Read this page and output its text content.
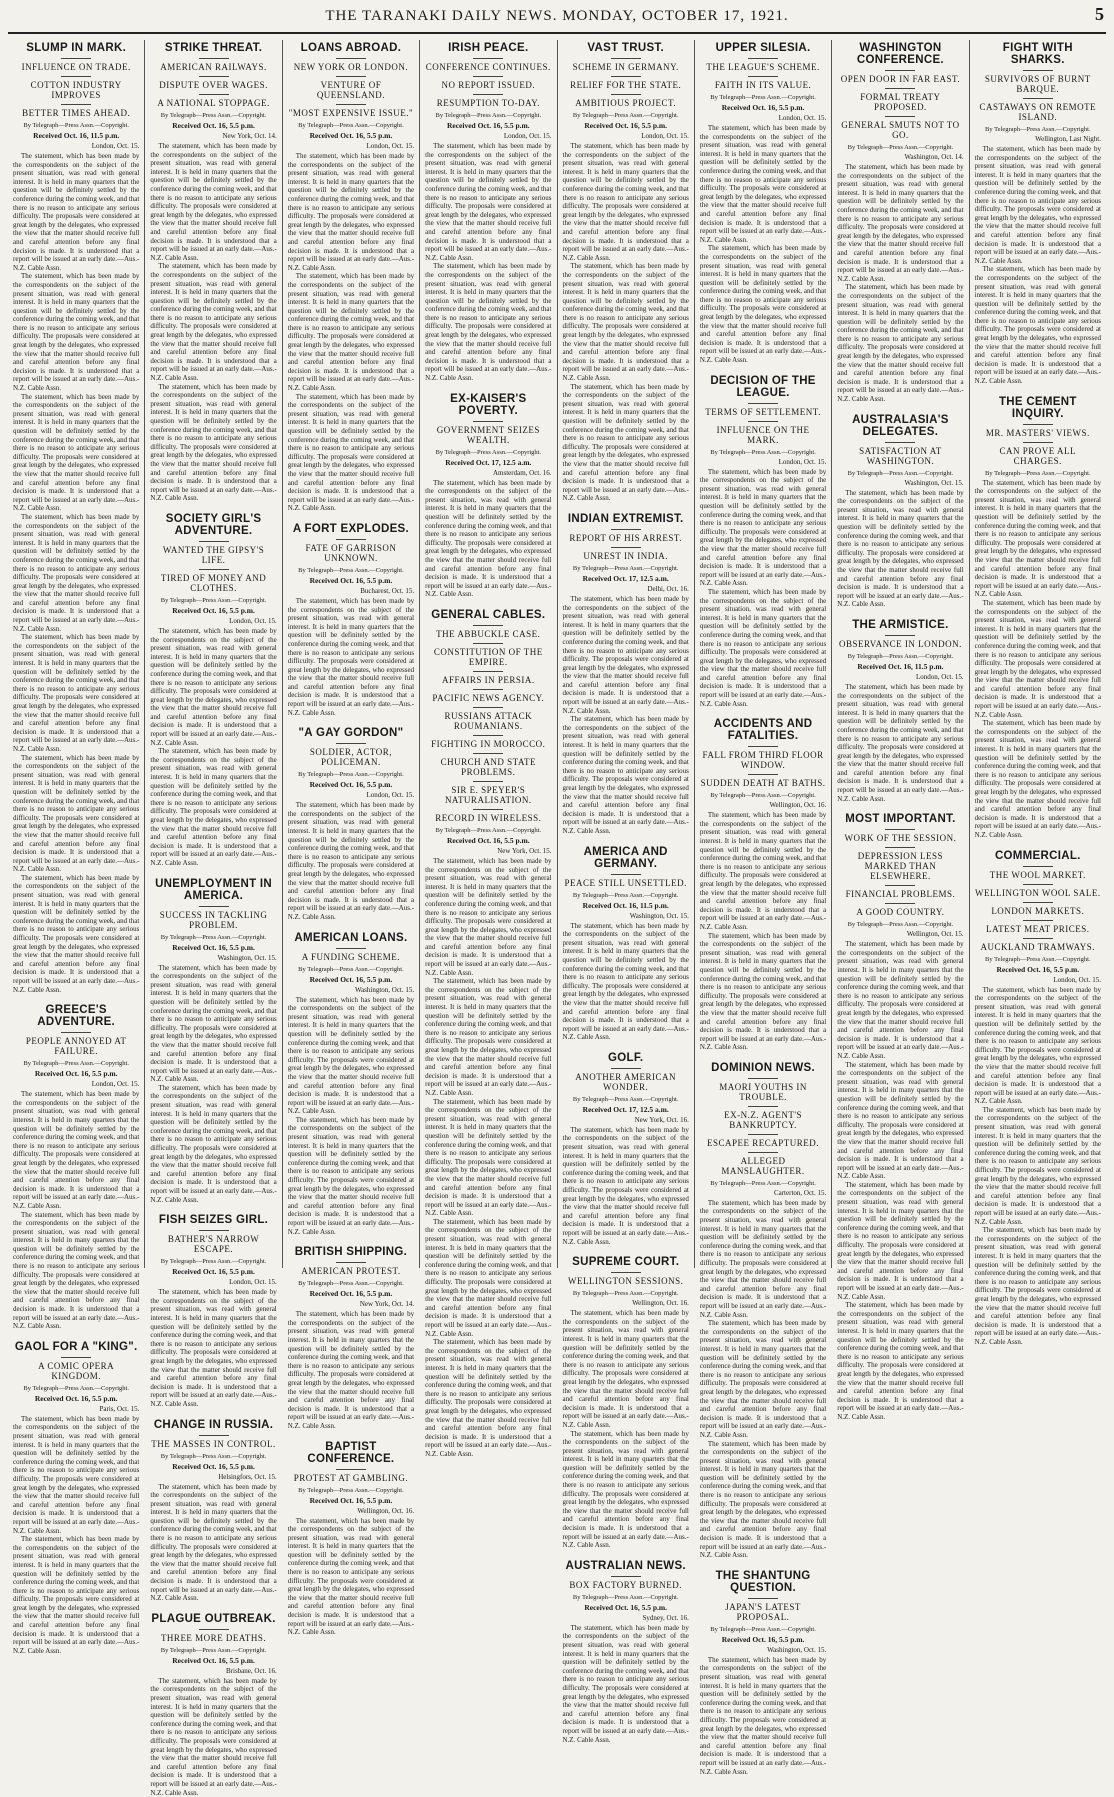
THE TARANAKI DAILY NEWS. MONDAY, OCTOBER 17, 1921.	5
SLUMP IN MARK.
INFLUENCE ON TRADE.
COTTON INDUSTRY IMPROVES
BETTER TIMES AHEAD.
By Telegraph—Press Assn.—Copyright.
Received Oct. 16, 11.5 p.m.
London, Oct. 15.

The statement, which has been made by the correspondents on the subject of the present situation, was read with general interest. It is held in many quarters that the question will be definitely settled by the conference during the coming week, and that there is no reason to anticipate any serious difficulty. The proposals were considered at great length by the delegates, who expressed the view that the matter should receive full and careful attention before any final decision is made. It is understood that a report will be issued at an early date.—Aus.-N.Z. Cable Assn.

The statement, which has been made by the correspondents on the subject of the present situation, was read with general interest. It is held in many quarters that the question will be definitely settled by the conference during the coming week, and that there is no reason to anticipate any serious difficulty. The proposals were considered at great length by the delegates, who expressed the view that the matter should receive full and careful attention before any final decision is made. It is understood that a report will be issued at an early date.—Aus.-N.Z. Cable Assn.

The statement, which has been made by the correspondents on the subject of the present situation, was read with general interest. It is held in many quarters that the question will be definitely settled by the conference during the coming week, and that there is no reason to anticipate any serious difficulty. The proposals were considered at great length by the delegates, who expressed the view that the matter should receive full and careful attention before any final decision is made. It is understood that a report will be issued at an early date.—Aus.-N.Z. Cable Assn.

The statement, which has been made by the correspondents on the subject of the present situation, was read with general interest. It is held in many quarters that the question will be definitely settled by the conference during the coming week, and that there is no reason to anticipate any serious difficulty. The proposals were considered at great length by the delegates, who expressed the view that the matter should receive full and careful attention before any final decision is made. It is understood that a report will be issued at an early date.—Aus.-N.Z. Cable Assn.

The statement, which has been made by the correspondents on the subject of the present situation, was read with general interest. It is held in many quarters that the question will be definitely settled by the conference during the coming week, and that there is no reason to anticipate any serious difficulty. The proposals were considered at great length by the delegates, who expressed the view that the matter should receive full and careful attention before any final decision is made. It is understood that a report will be issued at an early date.—Aus.-N.Z. Cable Assn.

The statement, which has been made by the correspondents on the subject of the present situation, was read with general interest. It is held in many quarters that the question will be definitely settled by the conference during the coming week, and that there is no reason to anticipate any serious difficulty. The proposals were considered at great length by the delegates, who expressed the view that the matter should receive full and careful attention before any final decision is made. It is understood that a report will be issued at an early date.—Aus.-N.Z. Cable Assn.

The statement, which has been made by the correspondents on the subject of the present situation, was read with general interest. It is held in many quarters that the question will be definitely settled by the conference during the coming week, and that there is no reason to anticipate any serious difficulty. The proposals were considered at great length by the delegates, who expressed the view that the matter should receive full and careful attention before any final decision is made. It is understood that a report will be issued at an early date.—Aus.-N.Z. Cable Assn.

GREECE'S ADVENTURE.
PEOPLE ANNOYED AT FAILURE.
By Telegraph—Press Assn.—Copyright.
Received Oct. 16, 5.5 p.m.
London, Oct. 15.

The statement, which has been made by the correspondents on the subject of the present situation, was read with general interest. It is held in many quarters that the question will be definitely settled by the conference during the coming week, and that there is no reason to anticipate any serious difficulty. The proposals were considered at great length by the delegates, who expressed the view that the matter should receive full and careful attention before any final decision is made. It is understood that a report will be issued at an early date.—Aus.-N.Z. Cable Assn.

The statement, which has been made by the correspondents on the subject of the present situation, was read with general interest. It is held in many quarters that the question will be definitely settled by the conference during the coming week, and that there is no reason to anticipate any serious difficulty. The proposals were considered at great length by the delegates, who expressed the view that the matter should receive full and careful attention before any final decision is made. It is understood that a report will be issued at an early date.—Aus.-N.Z. Cable Assn.

GAOL FOR A "KING".
A COMIC OPERA KINGDOM.
By Telegraph—Press Assn.—Copyright.
Received Oct. 16, 5.5 p.m.
Paris, Oct. 15.

The statement, which has been made by the correspondents on the subject of the present situation, was read with general interest. It is held in many quarters that the question will be definitely settled by the conference during the coming week, and that there is no reason to anticipate any serious difficulty. The proposals were considered at great length by the delegates, who expressed the view that the matter should receive full and careful attention before any final decision is made. It is understood that a report will be issued at an early date.—Aus.-N.Z. Cable Assn.

The statement, which has been made by the correspondents on the subject of the present situation, was read with general interest. It is held in many quarters that the question will be definitely settled by the conference during the coming week, and that there is no reason to anticipate any serious difficulty. The proposals were considered at great length by the delegates, who expressed the view that the matter should receive full and careful attention before any final decision is made. It is understood that a report will be issued at an early date.—Aus.-N.Z. Cable Assn.

STRIKE THREAT.
AMERICAN RAILWAYS.
DISPUTE OVER WAGES.
A NATIONAL STOPPAGE.
By Telegraph—Press Assn.—Copyright.
Received Oct. 16, 5.5 p.m.
New York, Oct. 14.

The statement, which has been made by the correspondents on the subject of the present situation, was read with general interest. It is held in many quarters that the question will be definitely settled by the conference during the coming week, and that there is no reason to anticipate any serious difficulty. The proposals were considered at great length by the delegates, who expressed the view that the matter should receive full and careful attention before any final decision is made. It is understood that a report will be issued at an early date.—Aus.-N.Z. Cable Assn.

The statement, which has been made by the correspondents on the subject of the present situation, was read with general interest. It is held in many quarters that the question will be definitely settled by the conference during the coming week, and that there is no reason to anticipate any serious difficulty. The proposals were considered at great length by the delegates, who expressed the view that the matter should receive full and careful attention before any final decision is made. It is understood that a report will be issued at an early date.—Aus.-N.Z. Cable Assn.

The statement, which has been made by the correspondents on the subject of the present situation, was read with general interest. It is held in many quarters that the question will be definitely settled by the conference during the coming week, and that there is no reason to anticipate any serious difficulty. The proposals were considered at great length by the delegates, who expressed the view that the matter should receive full and careful attention before any final decision is made. It is understood that a report will be issued at an early date.—Aus.-N.Z. Cable Assn.

SOCIETY GIRL'S ADVENTURE.
WANTED THE GIPSY'S LIFE.
TIRED OF MONEY AND CLOTHES.
By Telegraph—Press Assn.—Copyright.
Received Oct. 16, 5.5 p.m.
London, Oct. 15.

The statement, which has been made by the correspondents on the subject of the present situation, was read with general interest. It is held in many quarters that the question will be definitely settled by the conference during the coming week, and that there is no reason to anticipate any serious difficulty. The proposals were considered at great length by the delegates, who expressed the view that the matter should receive full and careful attention before any final decision is made. It is understood that a report will be issued at an early date.—Aus.-N.Z. Cable Assn.

The statement, which has been made by the correspondents on the subject of the present situation, was read with general interest. It is held in many quarters that the question will be definitely settled by the conference during the coming week, and that there is no reason to anticipate any serious difficulty. The proposals were considered at great length by the delegates, who expressed the view that the matter should receive full and careful attention before any final decision is made. It is understood that a report will be issued at an early date.—Aus.-N.Z. Cable Assn.

UNEMPLOYMENT IN AMERICA.
SUCCESS IN TACKLING PROBLEM.
By Telegraph—Press Assn.—Copyright.
Received Oct. 16, 5.5 p.m.
Washington, Oct. 15.

The statement, which has been made by the correspondents on the subject of the present situation, was read with general interest. It is held in many quarters that the question will be definitely settled by the conference during the coming week, and that there is no reason to anticipate any serious difficulty. The proposals were considered at great length by the delegates, who expressed the view that the matter should receive full and careful attention before any final decision is made. It is understood that a report will be issued at an early date.—Aus.-N.Z. Cable Assn.

The statement, which has been made by the correspondents on the subject of the present situation, was read with general interest. It is held in many quarters that the question will be definitely settled by the conference during the coming week, and that there is no reason to anticipate any serious difficulty. The proposals were considered at great length by the delegates, who expressed the view that the matter should receive full and careful attention before any final decision is made. It is understood that a report will be issued at an early date.—Aus.-N.Z. Cable Assn.

FISH SEIZES GIRL.
BATHER'S NARROW ESCAPE.
By Telegraph—Press Assn.—Copyright.
Received Oct. 16, 5.5 p.m.
London, Oct. 15.

The statement, which has been made by the correspondents on the subject of the present situation, was read with general interest. It is held in many quarters that the question will be definitely settled by the conference during the coming week, and that there is no reason to anticipate any serious difficulty. The proposals were considered at great length by the delegates, who expressed the view that the matter should receive full and careful attention before any final decision is made. It is understood that a report will be issued at an early date.—Aus.-N.Z. Cable Assn.

CHANGE IN RUSSIA.
THE MASSES IN CONTROL.
By Telegraph—Press Assn.—Copyright.
Received Oct. 16, 5.5 p.m.
Helsingfors, Oct. 15.

The statement, which has been made by the correspondents on the subject of the present situation, was read with general interest. It is held in many quarters that the question will be definitely settled by the conference during the coming week, and that there is no reason to anticipate any serious difficulty. The proposals were considered at great length by the delegates, who expressed the view that the matter should receive full and careful attention before any final decision is made. It is understood that a report will be issued at an early date.—Aus.-N.Z. Cable Assn.

PLAGUE OUTBREAK.
THREE MORE DEATHS.
By Telegraph—Press Assn.—Copyright.
Received Oct. 16, 5.5 p.m.
Brisbane, Oct. 16.

The statement, which has been made by the correspondents on the subject of the present situation, was read with general interest. It is held in many quarters that the question will be definitely settled by the conference during the coming week, and that there is no reason to anticipate any serious difficulty. The proposals were considered at great length by the delegates, who expressed the view that the matter should receive full and careful attention before any final decision is made. It is understood that a report will be issued at an early date.—Aus.-N.Z. Cable Assn.

LOANS ABROAD.
NEW YORK OR LONDON.
VENTURE OF QUEENSLAND.
"MOST EXPENSIVE ISSUE."
By Telegraph—Press Assn.—Copyright.
Received Oct. 16, 5.5 p.m.
London, Oct. 15.

The statement, which has been made by the correspondents on the subject of the present situation, was read with general interest. It is held in many quarters that the question will be definitely settled by the conference during the coming week, and that there is no reason to anticipate any serious difficulty. The proposals were considered at great length by the delegates, who expressed the view that the matter should receive full and careful attention before any final decision is made. It is understood that a report will be issued at an early date.—Aus.-N.Z. Cable Assn.

The statement, which has been made by the correspondents on the subject of the present situation, was read with general interest. It is held in many quarters that the question will be definitely settled by the conference during the coming week, and that there is no reason to anticipate any serious difficulty. The proposals were considered at great length by the delegates, who expressed the view that the matter should receive full and careful attention before any final decision is made. It is understood that a report will be issued at an early date.—Aus.-N.Z. Cable Assn.

The statement, which has been made by the correspondents on the subject of the present situation, was read with general interest. It is held in many quarters that the question will be definitely settled by the conference during the coming week, and that there is no reason to anticipate any serious difficulty. The proposals were considered at great length by the delegates, who expressed the view that the matter should receive full and careful attention before any final decision is made. It is understood that a report will be issued at an early date.—Aus.-N.Z. Cable Assn.

A FORT EXPLODES.
FATE OF GARRISON UNKNOWN.
By Telegraph—Press Assn.—Copyright.
Received Oct. 16, 5.5 p.m.
Bucharest, Oct. 15.

The statement, which has been made by the correspondents on the subject of the present situation, was read with general interest. It is held in many quarters that the question will be definitely settled by the conference during the coming week, and that there is no reason to anticipate any serious difficulty. The proposals were considered at great length by the delegates, who expressed the view that the matter should receive full and careful attention before any final decision is made. It is understood that a report will be issued at an early date.—Aus.-N.Z. Cable Assn.

"A GAY GORDON"
SOLDIER, ACTOR, POLICEMAN.
By Telegraph—Press Assn.—Copyright.
Received Oct. 16, 5.5 p.m.
London, Oct. 15.

The statement, which has been made by the correspondents on the subject of the present situation, was read with general interest. It is held in many quarters that the question will be definitely settled by the conference during the coming week, and that there is no reason to anticipate any serious difficulty. The proposals were considered at great length by the delegates, who expressed the view that the matter should receive full and careful attention before any final decision is made. It is understood that a report will be issued at an early date.—Aus.-N.Z. Cable Assn.

AMERICAN LOANS.
A FUNDING SCHEME.
By Telegraph—Press Assn.—Copyright.
Received Oct. 16, 5.5 p.m.
Washington, Oct. 15.

The statement, which has been made by the correspondents on the subject of the present situation, was read with general interest. It is held in many quarters that the question will be definitely settled by the conference during the coming week, and that there is no reason to anticipate any serious difficulty. The proposals were considered at great length by the delegates, who expressed the view that the matter should receive full and careful attention before any final decision is made. It is understood that a report will be issued at an early date.—Aus.-N.Z. Cable Assn.

The statement, which has been made by the correspondents on the subject of the present situation, was read with general interest. It is held in many quarters that the question will be definitely settled by the conference during the coming week, and that there is no reason to anticipate any serious difficulty. The proposals were considered at great length by the delegates, who expressed the view that the matter should receive full and careful attention before any final decision is made. It is understood that a report will be issued at an early date.—Aus.-N.Z. Cable Assn.

BRITISH SHIPPING.
AMERICAN PROTEST.
By Telegraph—Press Assn.—Copyright.
Received Oct. 16, 5.5 p.m.
New York, Oct. 14.

The statement, which has been made by the correspondents on the subject of the present situation, was read with general interest. It is held in many quarters that the question will be definitely settled by the conference during the coming week, and that there is no reason to anticipate any serious difficulty. The proposals were considered at great length by the delegates, who expressed the view that the matter should receive full and careful attention before any final decision is made. It is understood that a report will be issued at an early date.—Aus.-N.Z. Cable Assn.

BAPTIST CONFERENCE.
PROTEST AT GAMBLING.
By Telegraph—Press Assn.—Copyright.
Received Oct. 16, 5.5 p.m.
Wellington, Oct. 16.

The statement, which has been made by the correspondents on the subject of the present situation, was read with general interest. It is held in many quarters that the question will be definitely settled by the conference during the coming week, and that there is no reason to anticipate any serious difficulty. The proposals were considered at great length by the delegates, who expressed the view that the matter should receive full and careful attention before any final decision is made. It is understood that a report will be issued at an early date.—Aus.-N.Z. Cable Assn.

IRISH PEACE.
CONFERENCE CONTINUES.
NO REPORT ISSUED.
RESUMPTION TO-DAY.
By Telegraph—Press Assn.—Copyright.
Received Oct. 16, 5.5 p.m.
London, Oct. 15.

The statement, which has been made by the correspondents on the subject of the present situation, was read with general interest. It is held in many quarters that the question will be definitely settled by the conference during the coming week, and that there is no reason to anticipate any serious difficulty. The proposals were considered at great length by the delegates, who expressed the view that the matter should receive full and careful attention before any final decision is made. It is understood that a report will be issued at an early date.—Aus.-N.Z. Cable Assn.

The statement, which has been made by the correspondents on the subject of the present situation, was read with general interest. It is held in many quarters that the question will be definitely settled by the conference during the coming week, and that there is no reason to anticipate any serious difficulty. The proposals were considered at great length by the delegates, who expressed the view that the matter should receive full and careful attention before any final decision is made. It is understood that a report will be issued at an early date.—Aus.-N.Z. Cable Assn.

EX-KAISER'S POVERTY.
GOVERNMENT SEIZES WEALTH.
By Telegraph—Press Assn.—Copyright.
Received Oct. 17, 12.5 a.m.
Amsterdam, Oct. 16.

The statement, which has been made by the correspondents on the subject of the present situation, was read with general interest. It is held in many quarters that the question will be definitely settled by the conference during the coming week, and that there is no reason to anticipate any serious difficulty. The proposals were considered at great length by the delegates, who expressed the view that the matter should receive full and careful attention before any final decision is made. It is understood that a report will be issued at an early date.—Aus.-N.Z. Cable Assn.

GENERAL CABLES.
THE ABBUCKLE CASE.
CONSTITUTION OF THE EMPIRE.
AFFAIRS IN PERSIA.
PACIFIC NEWS AGENCY.
RUSSIANS ATTACK ROUMANIANS.
FIGHTING IN MOROCCO.
CHURCH AND STATE PROBLEMS.
SIR E. SPEYER'S NATURALISATION.
RECORD IN WIRELESS.
By Telegraph—Press Assn.—Copyright.
Received Oct. 16, 5.5 p.m.
New York, Oct. 15.

The statement, which has been made by the correspondents on the subject of the present situation, was read with general interest. It is held in many quarters that the question will be definitely settled by the conference during the coming week, and that there is no reason to anticipate any serious difficulty. The proposals were considered at great length by the delegates, who expressed the view that the matter should receive full and careful attention before any final decision is made. It is understood that a report will be issued at an early date.—Aus.-N.Z. Cable Assn.

The statement, which has been made by the correspondents on the subject of the present situation, was read with general interest. It is held in many quarters that the question will be definitely settled by the conference during the coming week, and that there is no reason to anticipate any serious difficulty. The proposals were considered at great length by the delegates, who expressed the view that the matter should receive full and careful attention before any final decision is made. It is understood that a report will be issued at an early date.—Aus.-N.Z. Cable Assn.

The statement, which has been made by the correspondents on the subject of the present situation, was read with general interest. It is held in many quarters that the question will be definitely settled by the conference during the coming week, and that there is no reason to anticipate any serious difficulty. The proposals were considered at great length by the delegates, who expressed the view that the matter should receive full and careful attention before any final decision is made. It is understood that a report will be issued at an early date.—Aus.-N.Z. Cable Assn.

The statement, which has been made by the correspondents on the subject of the present situation, was read with general interest. It is held in many quarters that the question will be definitely settled by the conference during the coming week, and that there is no reason to anticipate any serious difficulty. The proposals were considered at great length by the delegates, who expressed the view that the matter should receive full and careful attention before any final decision is made. It is understood that a report will be issued at an early date.—Aus.-N.Z. Cable Assn.

The statement, which has been made by the correspondents on the subject of the present situation, was read with general interest. It is held in many quarters that the question will be definitely settled by the conference during the coming week, and that there is no reason to anticipate any serious difficulty. The proposals were considered at great length by the delegates, who expressed the view that the matter should receive full and careful attention before any final decision is made. It is understood that a report will be issued at an early date.—Aus.-N.Z. Cable Assn.

VAST TRUST.
SCHEME IN GERMANY.
RELIEF FOR THE STATE.
AMBITIOUS PROJECT.
By Telegraph—Press Assn.—Copyright.
Received Oct. 16, 5.5 p.m.
London, Oct. 15.

The statement, which has been made by the correspondents on the subject of the present situation, was read with general interest. It is held in many quarters that the question will be definitely settled by the conference during the coming week, and that there is no reason to anticipate any serious difficulty. The proposals were considered at great length by the delegates, who expressed the view that the matter should receive full and careful attention before any final decision is made. It is understood that a report will be issued at an early date.—Aus.-N.Z. Cable Assn.

The statement, which has been made by the correspondents on the subject of the present situation, was read with general interest. It is held in many quarters that the question will be definitely settled by the conference during the coming week, and that there is no reason to anticipate any serious difficulty. The proposals were considered at great length by the delegates, who expressed the view that the matter should receive full and careful attention before any final decision is made. It is understood that a report will be issued at an early date.—Aus.-N.Z. Cable Assn.

The statement, which has been made by the correspondents on the subject of the present situation, was read with general interest. It is held in many quarters that the question will be definitely settled by the conference during the coming week, and that there is no reason to anticipate any serious difficulty. The proposals were considered at great length by the delegates, who expressed the view that the matter should receive full and careful attention before any final decision is made. It is understood that a report will be issued at an early date.—Aus.-N.Z. Cable Assn.

INDIAN EXTREMIST.
REPORT OF HIS ARREST.
UNREST IN INDIA.
By Telegraph—Press Assn.—Copyright.
Received Oct. 17, 12.5 a.m.
Delhi, Oct. 16.

The statement, which has been made by the correspondents on the subject of the present situation, was read with general interest. It is held in many quarters that the question will be definitely settled by the conference during the coming week, and that there is no reason to anticipate any serious difficulty. The proposals were considered at great length by the delegates, who expressed the view that the matter should receive full and careful attention before any final decision is made. It is understood that a report will be issued at an early date.—Aus.-N.Z. Cable Assn.

The statement, which has been made by the correspondents on the subject of the present situation, was read with general interest. It is held in many quarters that the question will be definitely settled by the conference during the coming week, and that there is no reason to anticipate any serious difficulty. The proposals were considered at great length by the delegates, who expressed the view that the matter should receive full and careful attention before any final decision is made. It is understood that a report will be issued at an early date.—Aus.-N.Z. Cable Assn.

AMERICA AND GERMANY.
PEACE STILL UNSETTLED.
By Telegraph—Press Assn.—Copyright.
Received Oct. 16, 11.5 p.m.
Washington, Oct. 15.

The statement, which has been made by the correspondents on the subject of the present situation, was read with general interest. It is held in many quarters that the question will be definitely settled by the conference during the coming week, and that there is no reason to anticipate any serious difficulty. The proposals were considered at great length by the delegates, who expressed the view that the matter should receive full and careful attention before any final decision is made. It is understood that a report will be issued at an early date.—Aus.-N.Z. Cable Assn.

GOLF.
ANOTHER AMERICAN WONDER.
By Telegraph—Press Assn.—Copyright.
Received Oct. 17, 12.5 a.m.
New York, Oct. 16.

The statement, which has been made by the correspondents on the subject of the present situation, was read with general interest. It is held in many quarters that the question will be definitely settled by the conference during the coming week, and that there is no reason to anticipate any serious difficulty. The proposals were considered at great length by the delegates, who expressed the view that the matter should receive full and careful attention before any final decision is made. It is understood that a report will be issued at an early date.—Aus.-N.Z. Cable Assn.

SUPREME COURT.
WELLINGTON SESSIONS.
By Telegraph—Press Assn.—Copyright.
Wellington, Oct. 16.

The statement, which has been made by the correspondents on the subject of the present situation, was read with general interest. It is held in many quarters that the question will be definitely settled by the conference during the coming week, and that there is no reason to anticipate any serious difficulty. The proposals were considered at great length by the delegates, who expressed the view that the matter should receive full and careful attention before any final decision is made. It is understood that a report will be issued at an early date.—Aus.-N.Z. Cable Assn.

The statement, which has been made by the correspondents on the subject of the present situation, was read with general interest. It is held in many quarters that the question will be definitely settled by the conference during the coming week, and that there is no reason to anticipate any serious difficulty. The proposals were considered at great length by the delegates, who expressed the view that the matter should receive full and careful attention before any final decision is made. It is understood that a report will be issued at an early date.—Aus.-N.Z. Cable Assn.

AUSTRALIAN NEWS.
BOX FACTORY BURNED.
By Telegraph—Press Assn.—Copyright.
Received Oct. 16, 5.5 p.m.
Sydney, Oct. 16.

The statement, which has been made by the correspondents on the subject of the present situation, was read with general interest. It is held in many quarters that the question will be definitely settled by the conference during the coming week, and that there is no reason to anticipate any serious difficulty. The proposals were considered at great length by the delegates, who expressed the view that the matter should receive full and careful attention before any final decision is made. It is understood that a report will be issued at an early date.—Aus.-N.Z. Cable Assn.

UPPER SILESIA.
THE LEAGUE'S SCHEME.
FAITH IN ITS VALUE.
By Telegraph—Press Assn.—Copyright.
Received Oct. 16, 5.5 p.m.
London, Oct. 15.

The statement, which has been made by the correspondents on the subject of the present situation, was read with general interest. It is held in many quarters that the question will be definitely settled by the conference during the coming week, and that there is no reason to anticipate any serious difficulty. The proposals were considered at great length by the delegates, who expressed the view that the matter should receive full and careful attention before any final decision is made. It is understood that a report will be issued at an early date.—Aus.-N.Z. Cable Assn.

The statement, which has been made by the correspondents on the subject of the present situation, was read with general interest. It is held in many quarters that the question will be definitely settled by the conference during the coming week, and that there is no reason to anticipate any serious difficulty. The proposals were considered at great length by the delegates, who expressed the view that the matter should receive full and careful attention before any final decision is made. It is understood that a report will be issued at an early date.—Aus.-N.Z. Cable Assn.

DECISION OF THE LEAGUE.
TERMS OF SETTLEMENT.
INFLUENCE ON THE MARK.
By Telegraph—Press Assn.—Copyright.
London, Oct. 15.

The statement, which has been made by the correspondents on the subject of the present situation, was read with general interest. It is held in many quarters that the question will be definitely settled by the conference during the coming week, and that there is no reason to anticipate any serious difficulty. The proposals were considered at great length by the delegates, who expressed the view that the matter should receive full and careful attention before any final decision is made. It is understood that a report will be issued at an early date.—Aus.-N.Z. Cable Assn.

The statement, which has been made by the correspondents on the subject of the present situation, was read with general interest. It is held in many quarters that the question will be definitely settled by the conference during the coming week, and that there is no reason to anticipate any serious difficulty. The proposals were considered at great length by the delegates, who expressed the view that the matter should receive full and careful attention before any final decision is made. It is understood that a report will be issued at an early date.—Aus.-N.Z. Cable Assn.

ACCIDENTS AND FATALITIES.
FALL FROM THIRD FLOOR WINDOW.
SUDDEN DEATH AT BATHS.
By Telegraph—Press Assn.—Copyright.
Wellington, Oct. 16.

The statement, which has been made by the correspondents on the subject of the present situation, was read with general interest. It is held in many quarters that the question will be definitely settled by the conference during the coming week, and that there is no reason to anticipate any serious difficulty. The proposals were considered at great length by the delegates, who expressed the view that the matter should receive full and careful attention before any final decision is made. It is understood that a report will be issued at an early date.—Aus.-N.Z. Cable Assn.

The statement, which has been made by the correspondents on the subject of the present situation, was read with general interest. It is held in many quarters that the question will be definitely settled by the conference during the coming week, and that there is no reason to anticipate any serious difficulty. The proposals were considered at great length by the delegates, who expressed the view that the matter should receive full and careful attention before any final decision is made. It is understood that a report will be issued at an early date.—Aus.-N.Z. Cable Assn.

DOMINION NEWS.
MAORI YOUTHS IN TROUBLE.
EX-N.Z. AGENT'S BANKRUPTCY.
ESCAPEE RECAPTURED.
ALLEGED MANSLAUGHTER.
By Telegraph—Press Assn.—Copyright.
Carterton, Oct. 15.

The statement, which has been made by the correspondents on the subject of the present situation, was read with general interest. It is held in many quarters that the question will be definitely settled by the conference during the coming week, and that there is no reason to anticipate any serious difficulty. The proposals were considered at great length by the delegates, who expressed the view that the matter should receive full and careful attention before any final decision is made. It is understood that a report will be issued at an early date.—Aus.-N.Z. Cable Assn.

The statement, which has been made by the correspondents on the subject of the present situation, was read with general interest. It is held in many quarters that the question will be definitely settled by the conference during the coming week, and that there is no reason to anticipate any serious difficulty. The proposals were considered at great length by the delegates, who expressed the view that the matter should receive full and careful attention before any final decision is made. It is understood that a report will be issued at an early date.—Aus.-N.Z. Cable Assn.

The statement, which has been made by the correspondents on the subject of the present situation, was read with general interest. It is held in many quarters that the question will be definitely settled by the conference during the coming week, and that there is no reason to anticipate any serious difficulty. The proposals were considered at great length by the delegates, who expressed the view that the matter should receive full and careful attention before any final decision is made. It is understood that a report will be issued at an early date.—Aus.-N.Z. Cable Assn.

THE SHANTUNG QUESTION.
JAPAN'S LATEST PROPOSAL.
By Telegraph—Press Assn.—Copyright.
Received Oct. 16, 5.5 p.m.
Washington, Oct. 15.

The statement, which has been made by the correspondents on the subject of the present situation, was read with general interest. It is held in many quarters that the question will be definitely settled by the conference during the coming week, and that there is no reason to anticipate any serious difficulty. The proposals were considered at great length by the delegates, who expressed the view that the matter should receive full and careful attention before any final decision is made. It is understood that a report will be issued at an early date.—Aus.-N.Z. Cable Assn.

WASHINGTON CONFERENCE.
OPEN DOOR IN FAR EAST.
FORMAL TREATY PROPOSED.
GENERAL SMUTS NOT TO GO.
By Telegraph—Press Assn.—Copyright.
Washington, Oct. 14.

The statement, which has been made by the correspondents on the subject of the present situation, was read with general interest. It is held in many quarters that the question will be definitely settled by the conference during the coming week, and that there is no reason to anticipate any serious difficulty. The proposals were considered at great length by the delegates, who expressed the view that the matter should receive full and careful attention before any final decision is made. It is understood that a report will be issued at an early date.—Aus.-N.Z. Cable Assn.

The statement, which has been made by the correspondents on the subject of the present situation, was read with general interest. It is held in many quarters that the question will be definitely settled by the conference during the coming week, and that there is no reason to anticipate any serious difficulty. The proposals were considered at great length by the delegates, who expressed the view that the matter should receive full and careful attention before any final decision is made. It is understood that a report will be issued at an early date.—Aus.-N.Z. Cable Assn.

AUSTRALASIA'S DELEGATES.
SATISFACTION AT WASHINGTON.
By Telegraph—Press Assn.—Copyright.
Washington, Oct. 15.

The statement, which has been made by the correspondents on the subject of the present situation, was read with general interest. It is held in many quarters that the question will be definitely settled by the conference during the coming week, and that there is no reason to anticipate any serious difficulty. The proposals were considered at great length by the delegates, who expressed the view that the matter should receive full and careful attention before any final decision is made. It is understood that a report will be issued at an early date.—Aus.-N.Z. Cable Assn.

THE ARMISTICE.
OBSERVANCE IN LONDON.
By Telegraph—Press Assn.—Copyright.
Received Oct. 16, 11.5 p.m.
London, Oct. 15.

The statement, which has been made by the correspondents on the subject of the present situation, was read with general interest. It is held in many quarters that the question will be definitely settled by the conference during the coming week, and that there is no reason to anticipate any serious difficulty. The proposals were considered at great length by the delegates, who expressed the view that the matter should receive full and careful attention before any final decision is made. It is understood that a report will be issued at an early date.—Aus.-N.Z. Cable Assn.

MOST IMPORTANT.
WORK OF THE SESSION.
DEPRESSION LESS MARKED THAN ELSEWHERE.
FINANCIAL PROBLEMS.
A GOOD COUNTRY.
By Telegraph—Press Assn.—Copyright.
Wellington, Oct. 15.

The statement, which has been made by the correspondents on the subject of the present situation, was read with general interest. It is held in many quarters that the question will be definitely settled by the conference during the coming week, and that there is no reason to anticipate any serious difficulty. The proposals were considered at great length by the delegates, who expressed the view that the matter should receive full and careful attention before any final decision is made. It is understood that a report will be issued at an early date.—Aus.-N.Z. Cable Assn.

The statement, which has been made by the correspondents on the subject of the present situation, was read with general interest. It is held in many quarters that the question will be definitely settled by the conference during the coming week, and that there is no reason to anticipate any serious difficulty. The proposals were considered at great length by the delegates, who expressed the view that the matter should receive full and careful attention before any final decision is made. It is understood that a report will be issued at an early date.—Aus.-N.Z. Cable Assn.

The statement, which has been made by the correspondents on the subject of the present situation, was read with general interest. It is held in many quarters that the question will be definitely settled by the conference during the coming week, and that there is no reason to anticipate any serious difficulty. The proposals were considered at great length by the delegates, who expressed the view that the matter should receive full and careful attention before any final decision is made. It is understood that a report will be issued at an early date.—Aus.-N.Z. Cable Assn.

The statement, which has been made by the correspondents on the subject of the present situation, was read with general interest. It is held in many quarters that the question will be definitely settled by the conference during the coming week, and that there is no reason to anticipate any serious difficulty. The proposals were considered at great length by the delegates, who expressed the view that the matter should receive full and careful attention before any final decision is made. It is understood that a report will be issued at an early date.—Aus.-N.Z. Cable Assn.

FIGHT WITH SHARKS.
SURVIVORS OF BURNT BARQUE.
CASTAWAYS ON REMOTE ISLAND.
By Telegraph—Press Assn.—Copyright.
Wellington, Last Night.

The statement, which has been made by the correspondents on the subject of the present situation, was read with general interest. It is held in many quarters that the question will be definitely settled by the conference during the coming week, and that there is no reason to anticipate any serious difficulty. The proposals were considered at great length by the delegates, who expressed the view that the matter should receive full and careful attention before any final decision is made. It is understood that a report will be issued at an early date.—Aus.-N.Z. Cable Assn.

The statement, which has been made by the correspondents on the subject of the present situation, was read with general interest. It is held in many quarters that the question will be definitely settled by the conference during the coming week, and that there is no reason to anticipate any serious difficulty. The proposals were considered at great length by the delegates, who expressed the view that the matter should receive full and careful attention before any final decision is made. It is understood that a report will be issued at an early date.—Aus.-N.Z. Cable Assn.

THE CEMENT INQUIRY.
MR. MASTERS' VIEWS.
CAN PROVE ALL CHARGES.
By Telegraph—Press Assn.—Copyright.

The statement, which has been made by the correspondents on the subject of the present situation, was read with general interest. It is held in many quarters that the question will be definitely settled by the conference during the coming week, and that there is no reason to anticipate any serious difficulty. The proposals were considered at great length by the delegates, who expressed the view that the matter should receive full and careful attention before any final decision is made. It is understood that a report will be issued at an early date.—Aus.-N.Z. Cable Assn.

The statement, which has been made by the correspondents on the subject of the present situation, was read with general interest. It is held in many quarters that the question will be definitely settled by the conference during the coming week, and that there is no reason to anticipate any serious difficulty. The proposals were considered at great length by the delegates, who expressed the view that the matter should receive full and careful attention before any final decision is made. It is understood that a report will be issued at an early date.—Aus.-N.Z. Cable Assn.

The statement, which has been made by the correspondents on the subject of the present situation, was read with general interest. It is held in many quarters that the question will be definitely settled by the conference during the coming week, and that there is no reason to anticipate any serious difficulty. The proposals were considered at great length by the delegates, who expressed the view that the matter should receive full and careful attention before any final decision is made. It is understood that a report will be issued at an early date.—Aus.-N.Z. Cable Assn.

COMMERCIAL.
THE WOOL MARKET.
WELLINGTON WOOL SALE.
LONDON MARKETS.
LATEST MEAT PRICES.
AUCKLAND TRAMWAYS.
By Telegraph—Press Assn.—Copyright.
Received Oct. 16, 5.5 p.m.
London, Oct. 15.

The statement, which has been made by the correspondents on the subject of the present situation, was read with general interest. It is held in many quarters that the question will be definitely settled by the conference during the coming week, and that there is no reason to anticipate any serious difficulty. The proposals were considered at great length by the delegates, who expressed the view that the matter should receive full and careful attention before any final decision is made. It is understood that a report will be issued at an early date.—Aus.-N.Z. Cable Assn.

The statement, which has been made by the correspondents on the subject of the present situation, was read with general interest. It is held in many quarters that the question will be definitely settled by the conference during the coming week, and that there is no reason to anticipate any serious difficulty. The proposals were considered at great length by the delegates, who expressed the view that the matter should receive full and careful attention before any final decision is made. It is understood that a report will be issued at an early date.—Aus.-N.Z. Cable Assn.

The statement, which has been made by the correspondents on the subject of the present situation, was read with general interest. It is held in many quarters that the question will be definitely settled by the conference during the coming week, and that there is no reason to anticipate any serious difficulty. The proposals were considered at great length by the delegates, who expressed the view that the matter should receive full and careful attention before any final decision is made. It is understood that a report will be issued at an early date.—Aus.-N.Z. Cable Assn.
